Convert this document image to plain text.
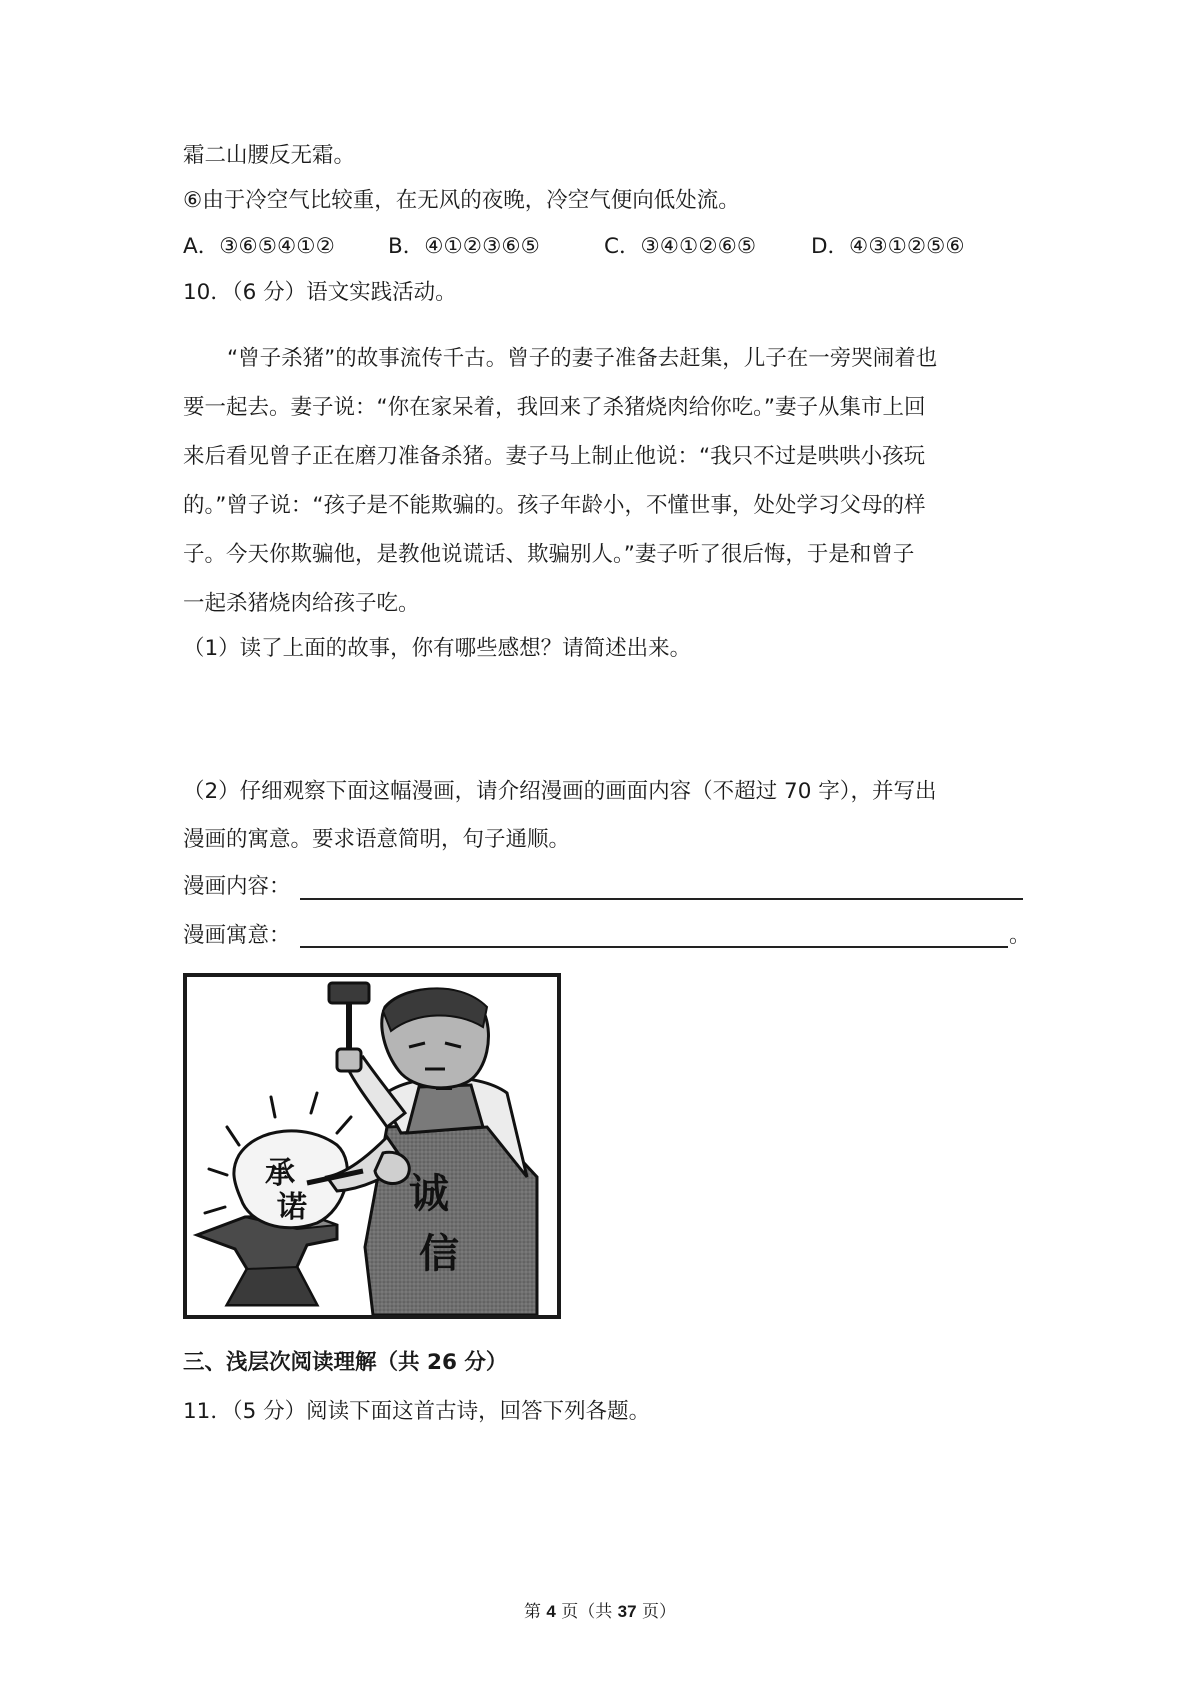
霜二山腰反无霜。
⑥由于冷空气比较重，在无风的夜晚，冷空气便向低处流。
A．③⑥⑤④①② B．④①②③⑥⑤	C．③④①②⑥⑤	D．④③①②⑤⑥
10．（6 分）语文实践活动。
“曾子杀猪”的故事流传千古。曾子的妻子准备去赶集，儿子在一旁哭闹着也
要一起去。妻子说：“你在家呆着，我回来了杀猪烧肉给你吃。”妻子从集市上回
来后看见曾子正在磨刀准备杀猪。妻子马上制止他说：“我只不过是哄哄小孩玩
的。”曾子说：“孩子是不能欺骗的。孩子年龄小，不懂世事，处处学习父母的样
子。今天你欺骗他，是教他说谎话、欺骗别人。”妻子听了很后悔，于是和曾子
一起杀猪烧肉给孩子吃。
（1）读了上面的故事，你有哪些感想？请简述出来。
（2）仔细观察下面这幅漫画，请介绍漫画的画面内容（不超过 70 字），并写出
漫画的寓意。要求语意简明，句子通顺。
漫画内容：
漫画寓意：	。
承
诺	诚
信
三、浅层次阅读理解（共 26 分）
11．（5 分）阅读下面这首古诗，回答下列各题。
第 4 页（共 37 页）
